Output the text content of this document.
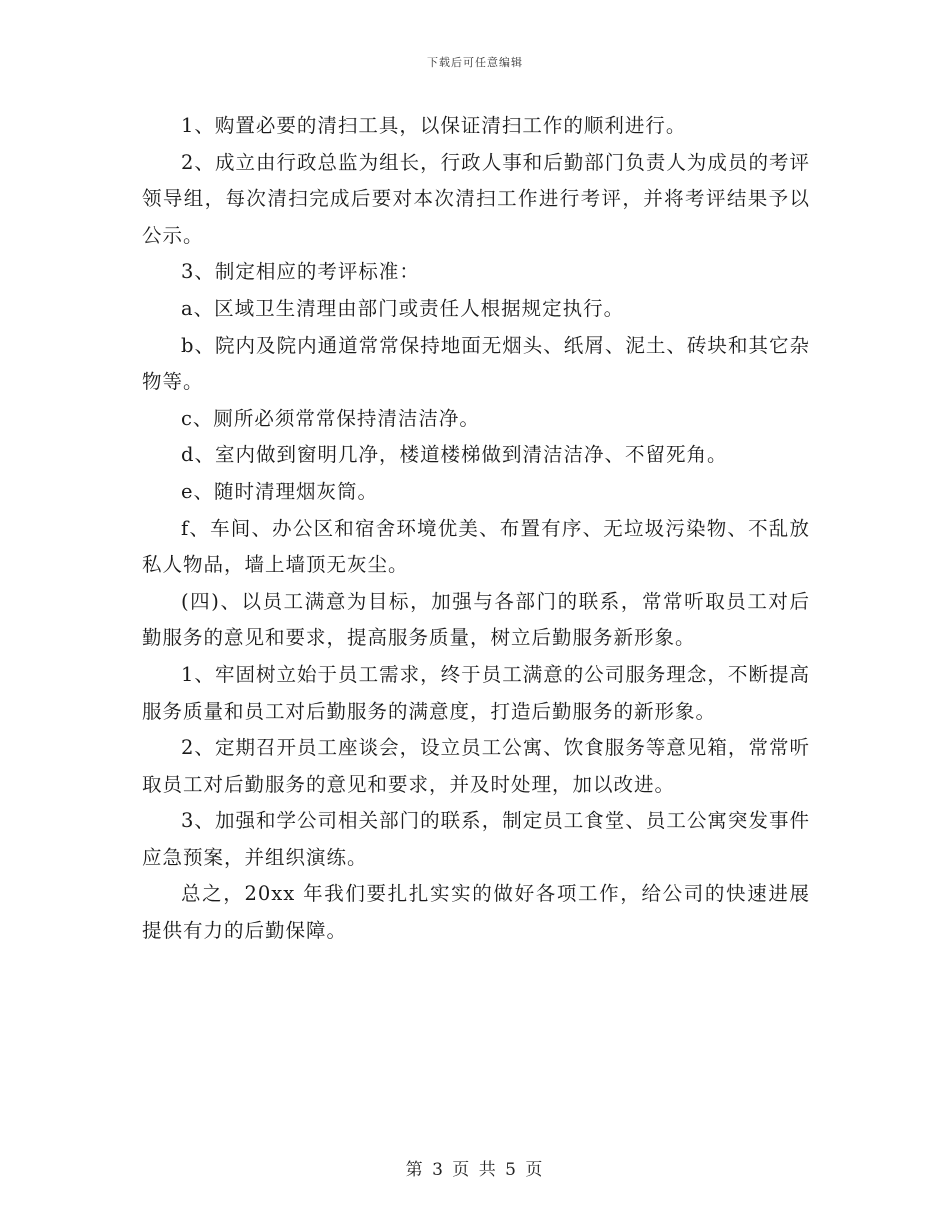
下载后可任意编辑

1、购置必要的清扫工具，以保证清扫工作的顺利进行。

2、成立由行政总监为组长，行政人事和后勤部门负责人为成员的考评领导组，每次清扫完成后要对本次清扫工作进行考评，并将考评结果予以公示。

3、制定相应的考评标准：

a、区域卫生清理由部门或责任人根据规定执行。

b、院内及院内通道常常保持地面无烟头、纸屑、泥土、砖块和其它杂物等。

c、厕所必须常常保持清洁洁净。

d、室内做到窗明几净，楼道楼梯做到清洁洁净、不留死角。

e、随时清理烟灰筒。

f、车间、办公区和宿舍环境优美、布置有序、无垃圾污染物、不乱放私人物品，墙上墙顶无灰尘。

(四)、以员工满意为目标，加强与各部门的联系，常常听取员工对后勤服务的意见和要求，提高服务质量，树立后勤服务新形象。

1、牢固树立始于员工需求，终于员工满意的公司服务理念，不断提高服务质量和员工对后勤服务的满意度，打造后勤服务的新形象。

2、定期召开员工座谈会，设立员工公寓、饮食服务等意见箱，常常听取员工对后勤服务的意见和要求，并及时处理，加以改进。

3、加强和学公司相关部门的联系，制定员工食堂、员工公寓突发事件应急预案，并组织演练。

总之，20xx 年我们要扎扎实实的做好各项工作，给公司的快速进展提供有力的后勤保障。

第 3 页 共 5 页
